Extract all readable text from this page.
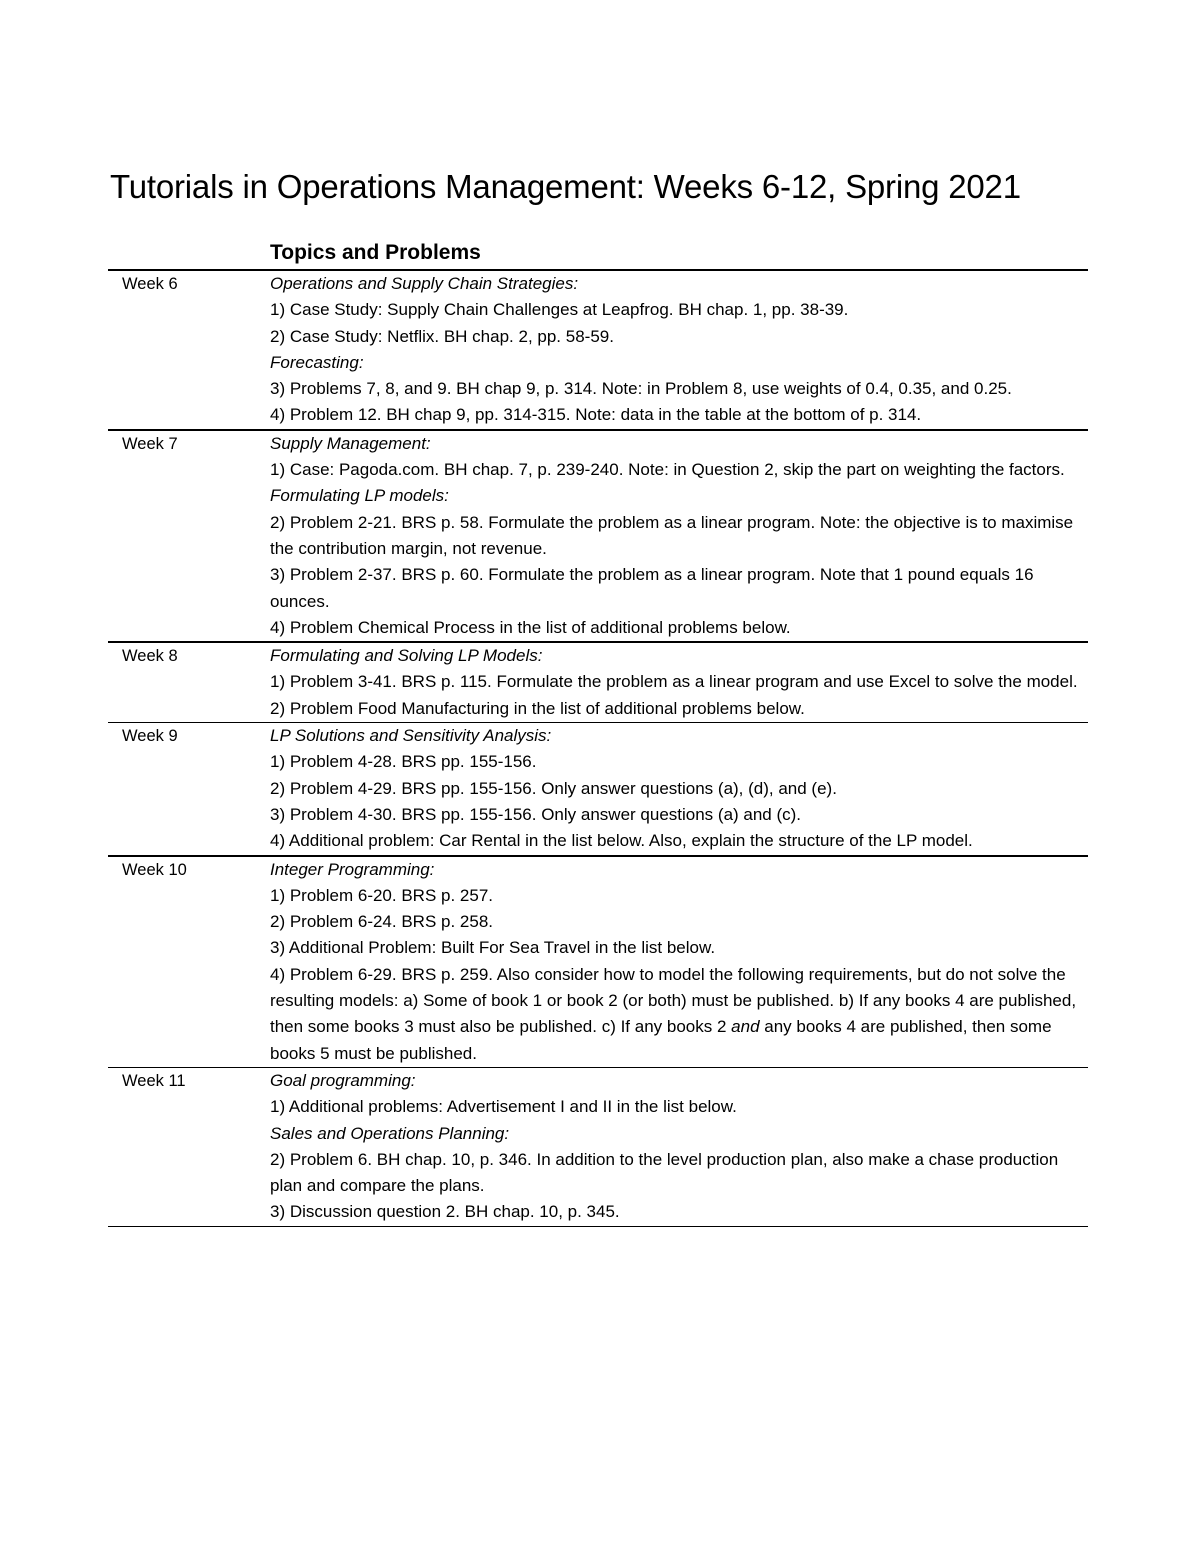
Tutorials in Operations Management: Weeks 6-12, Spring 2021
Topics and Problems
Week 6	Operations and Supply Chain Strategies:

1) Case Study: Supply Chain Challenges at Leapfrog. BH chap. 1, pp. 38-39.

2) Case Study: Netflix. BH chap. 2, pp. 58-59.

Forecasting:

3) Problems 7, 8, and 9. BH chap 9, p. 314. Note: in Problem 8, use weights of 0.4, 0.35, and 0.25.

4) Problem 12. BH chap 9, pp. 314-315. Note: data in the table at the bottom of p. 314.

Week 7	Supply Management:

1) Case: Pagoda.com. BH chap. 7, p. 239-240. Note: in Question 2, skip the part on weighting the factors.

Formulating LP models:

2) Problem 2-21. BRS p. 58. Formulate the problem as a linear program. Note: the objective is to maximise the contribution margin, not revenue.

3) Problem 2-37. BRS p. 60. Formulate the problem as a linear program. Note that 1 pound equals 16 ounces.

4) Problem Chemical Process in the list of additional problems below.

Week 8	Formulating and Solving LP Models:

1) Problem 3-41. BRS p. 115. Formulate the problem as a linear program and use Excel to solve the model.

2) Problem Food Manufacturing in the list of additional problems below.

Week 9	LP Solutions and Sensitivity Analysis:

1) Problem 4-28. BRS pp. 155-156.

2) Problem 4-29. BRS pp. 155-156. Only answer questions (a), (d), and (e).

3) Problem 4-30. BRS pp. 155-156. Only answer questions (a) and (c).

4) Additional problem: Car Rental in the list below. Also, explain the structure of the LP model.

Week 10	Integer Programming:

1) Problem 6-20. BRS p. 257.

2) Problem 6-24. BRS p. 258.

3) Additional Problem: Built For Sea Travel in the list below.

4) Problem 6-29. BRS p. 259. Also consider how to model the following requirements, but do not solve the resulting models: a) Some of book 1 or book 2 (or both) must be published. b) If any books 4 are published, then some books 3 must also be published. c) If any books 2 and any books 4 are published, then some books 5 must be published.

Week 11	Goal programming:

1) Additional problems: Advertisement I and II in the list below.

Sales and Operations Planning:

2) Problem 6. BH chap. 10, p. 346. In addition to the level production plan, also make a chase production plan and compare the plans.

3) Discussion question 2. BH chap. 10, p. 345.
